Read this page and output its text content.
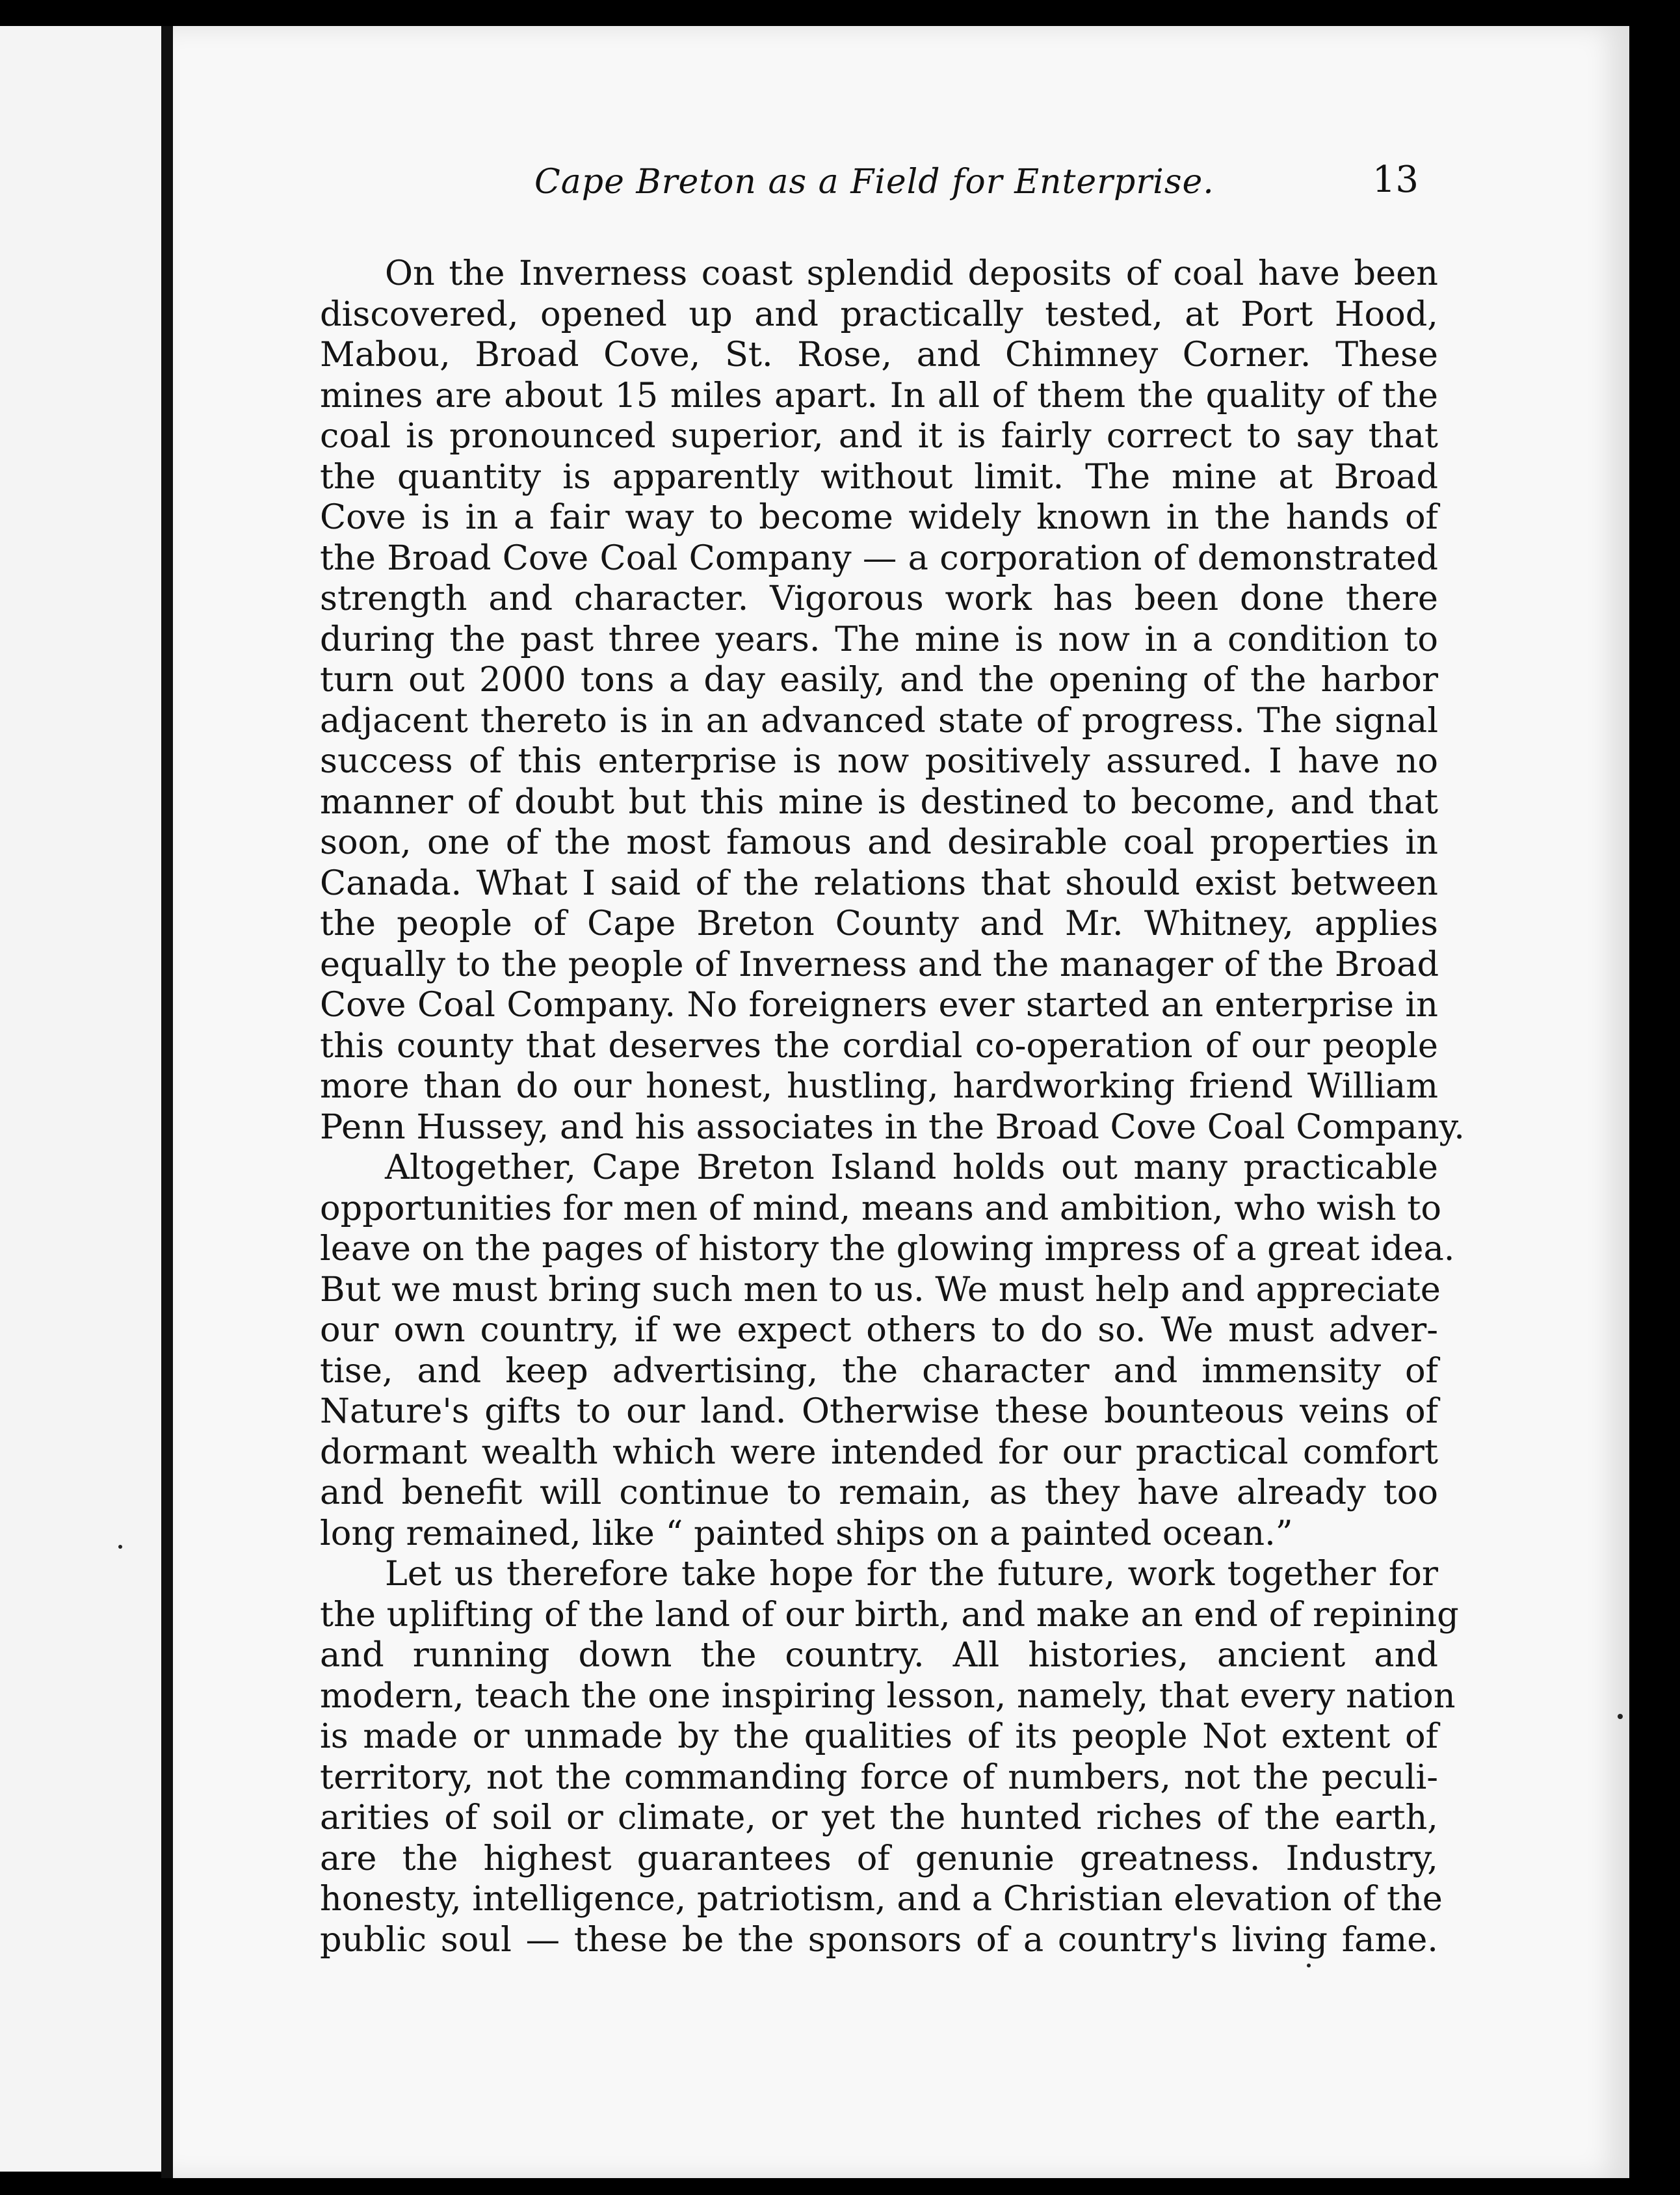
Cape Breton as a Field for Enterprise.	13
On the Inverness coast splendid deposits of coal have been
discovered, opened up and practically tested, at Port Hood,
Mabou, Broad Cove, St. Rose, and Chimney Corner. These
mines are about 15 miles apart. In all of them the quality of the
coal is pronounced superior, and it is fairly correct to say that
the quantity is apparently without limit. The mine at Broad
Cove is in a fair way to become widely known in the hands of
the Broad Cove Coal Company — a corporation of demonstrated
strength and character. Vigorous work has been done there
during the past three years. The mine is now in a condition to
turn out 2000 tons a day easily, and the opening of the harbor
adjacent thereto is in an advanced state of progress. The signal
success of this enterprise is now positively assured. I have no
manner of doubt but this mine is destined to become, and that
soon, one of the most famous and desirable coal properties in
Canada. What I said of the relations that should exist between
the people of Cape Breton County and Mr. Whitney, applies
equally to the people of Inverness and the manager of the Broad
Cove Coal Company. No foreigners ever started an enterprise in
this county that deserves the cordial co-operation of our people
more than do our honest, hustling, hardworking friend William
Penn Hussey, and his associates in the Broad Cove Coal Company.
Altogether, Cape Breton Island holds out many practicable
opportunities for men of mind, means and ambition, who wish to
leave on the pages of history the glowing impress of a great idea.
But we must bring such men to us. We must help and appreciate
our own country, if we expect others to do so. We must adver-
tise, and keep advertising, the character and immensity of
Nature's gifts to our land. Otherwise these bounteous veins of
dormant wealth which were intended for our practical comfort
and benefit will continue to remain, as they have already too
long remained, like “ painted ships on a painted ocean.”
Let us therefore take hope for the future, work together for
the uplifting of the land of our birth, and make an end of repining
and running down the country. All histories, ancient and
modern, teach the one inspiring lesson, namely, that every nation
is made or unmade by the qualities of its people Not extent of
territory, not the commanding force of numbers, not the peculi-
arities of soil or climate, or yet the hunted riches of the earth,
are the highest guarantees of genunie greatness. Industry,
honesty, intelligence, patriotism, and a Christian elevation of the
public soul — these be the sponsors of a country's living fame.
